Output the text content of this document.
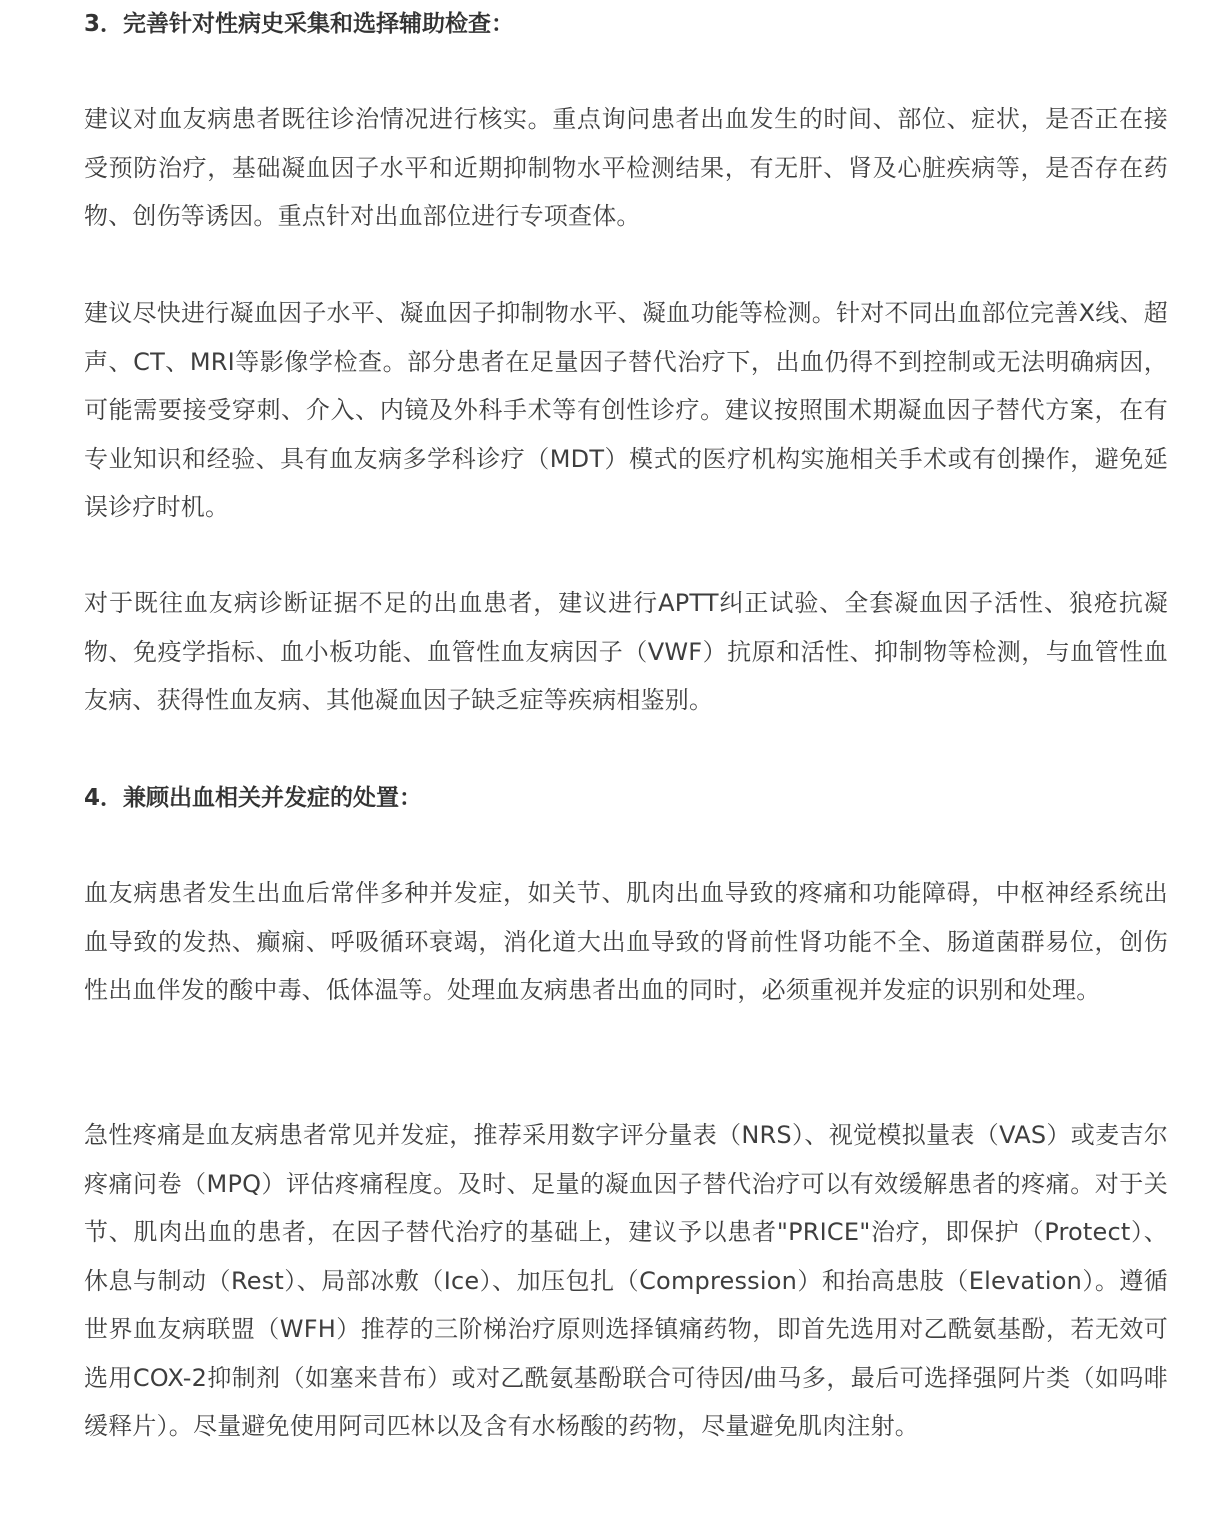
3．完善针对性病史采集和选择辅助检查：

建议对血友病患者既往诊治情况进行核实。重点询问患者出血发生的时间、部位、症状，是否正在接受预防治疗，基础凝血因子水平和近期抑制物水平检测结果，有无肝、肾及心脏疾病等，是否存在药物、创伤等诱因。重点针对出血部位进行专项查体。

建议尽快进行凝血因子水平、凝血因子抑制物水平、凝血功能等检测。针对不同出血部位完善X线、超声、CT、MRI等影像学检查。部分患者在足量因子替代治疗下，出血仍得不到控制或无法明确病因，可能需要接受穿刺、介入、内镜及外科手术等有创性诊疗。建议按照围术期凝血因子替代方案，在有专业知识和经验、具有血友病多学科诊疗（MDT）模式的医疗机构实施相关手术或有创操作，避免延误诊疗时机。

对于既往血友病诊断证据不足的出血患者，建议进行APTT纠正试验、全套凝血因子活性、狼疮抗凝物、免疫学指标、血小板功能、血管性血友病因子（VWF）抗原和活性、抑制物等检测，与血管性血友病、获得性血友病、其他凝血因子缺乏症等疾病相鉴别。

4．兼顾出血相关并发症的处置：

血友病患者发生出血后常伴多种并发症，如关节、肌肉出血导致的疼痛和功能障碍，中枢神经系统出血导致的发热、癫痫、呼吸循环衰竭，消化道大出血导致的肾前性肾功能不全、肠道菌群易位，创伤性出血伴发的酸中毒、低体温等。处理血友病患者出血的同时，必须重视并发症的识别和处理。

急性疼痛是血友病患者常见并发症，推荐采用数字评分量表（NRS）、视觉模拟量表（VAS）或麦吉尔疼痛问卷（MPQ）评估疼痛程度。及时、足量的凝血因子替代治疗可以有效缓解患者的疼痛。对于关节、肌肉出血的患者，在因子替代治疗的基础上，建议予以患者"PRICE"治疗，即保护（Protect）、休息与制动（Rest）、局部冰敷（Ice）、加压包扎（Compression）和抬高患肢（Elevation）。遵循世界血友病联盟（WFH）推荐的三阶梯治疗原则选择镇痛药物，即首先选用对乙酰氨基酚，若无效可选用COX-2抑制剂（如塞来昔布）或对乙酰氨基酚联合可待因/曲马多，最后可选择强阿片类（如吗啡缓释片）。尽量避免使用阿司匹林以及含有水杨酸的药物，尽量避免肌肉注射。
